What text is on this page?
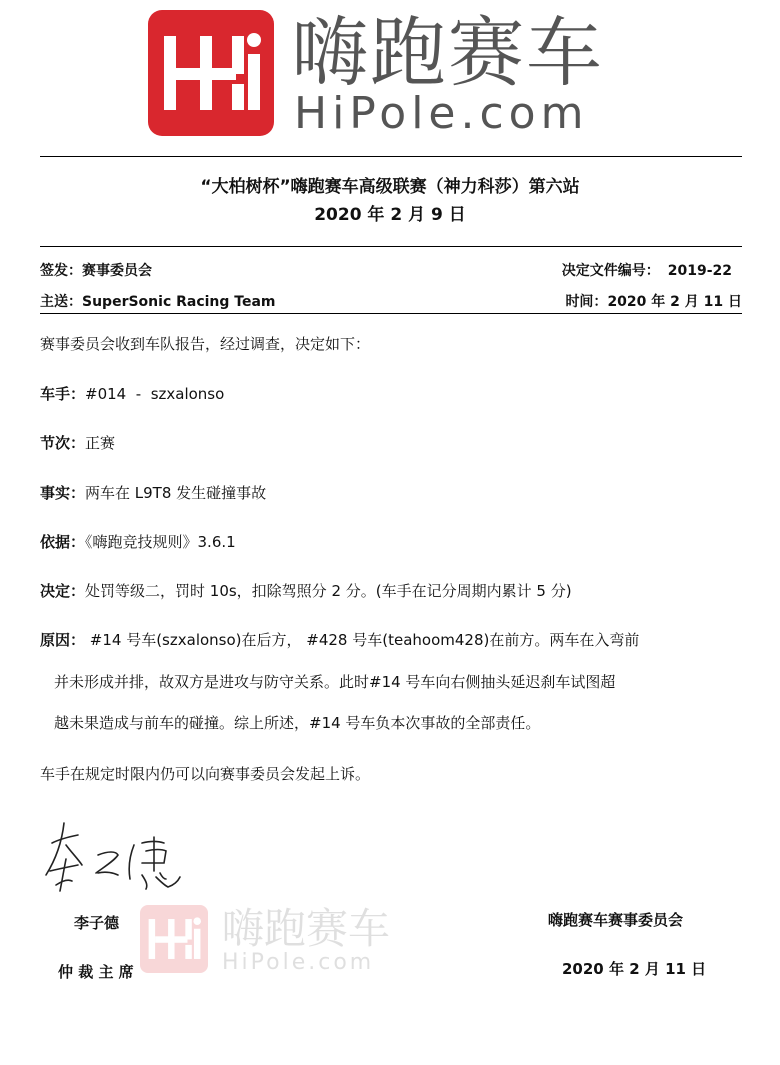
嗨跑赛车
HiPole.com
“大柏树杯”嗨跑赛车高级联赛（神力科莎）第六站
2020 年 2 月 9 日
签发：赛事委员会	决定文件编号： 2019-22
主送：SuperSonic Racing Team	时间：2020 年 2 月 11 日
赛事委员会收到车队报告，经过调查，决定如下：
车手：#014  -  szxalonso
节次：正赛
事实：两车在 L9T8 发生碰撞事故
依据：《嗨跑竞技规则》3.6.1
决定：处罚等级二，罚时 10s，扣除驾照分 2 分。(车手在记分周期内累计 5 分)
原因： #14 号车(szxalonso)在后方， #428 号车(teahoom428)在前方。两车在入弯前
并未形成并排，故双方是进攻与防守关系。此时#14 号车向右侧抽头延迟刹车试图超
越未果造成与前车的碰撞。综上所述，#14 号车负本次事故的全部责任。
车手在规定时限内仍可以向赛事委员会发起上诉。
嗨跑赛车
HiPole.com
李子德
仲 裁 主 席
嗨跑赛车赛事委员会
2020 年 2 月 11 日
